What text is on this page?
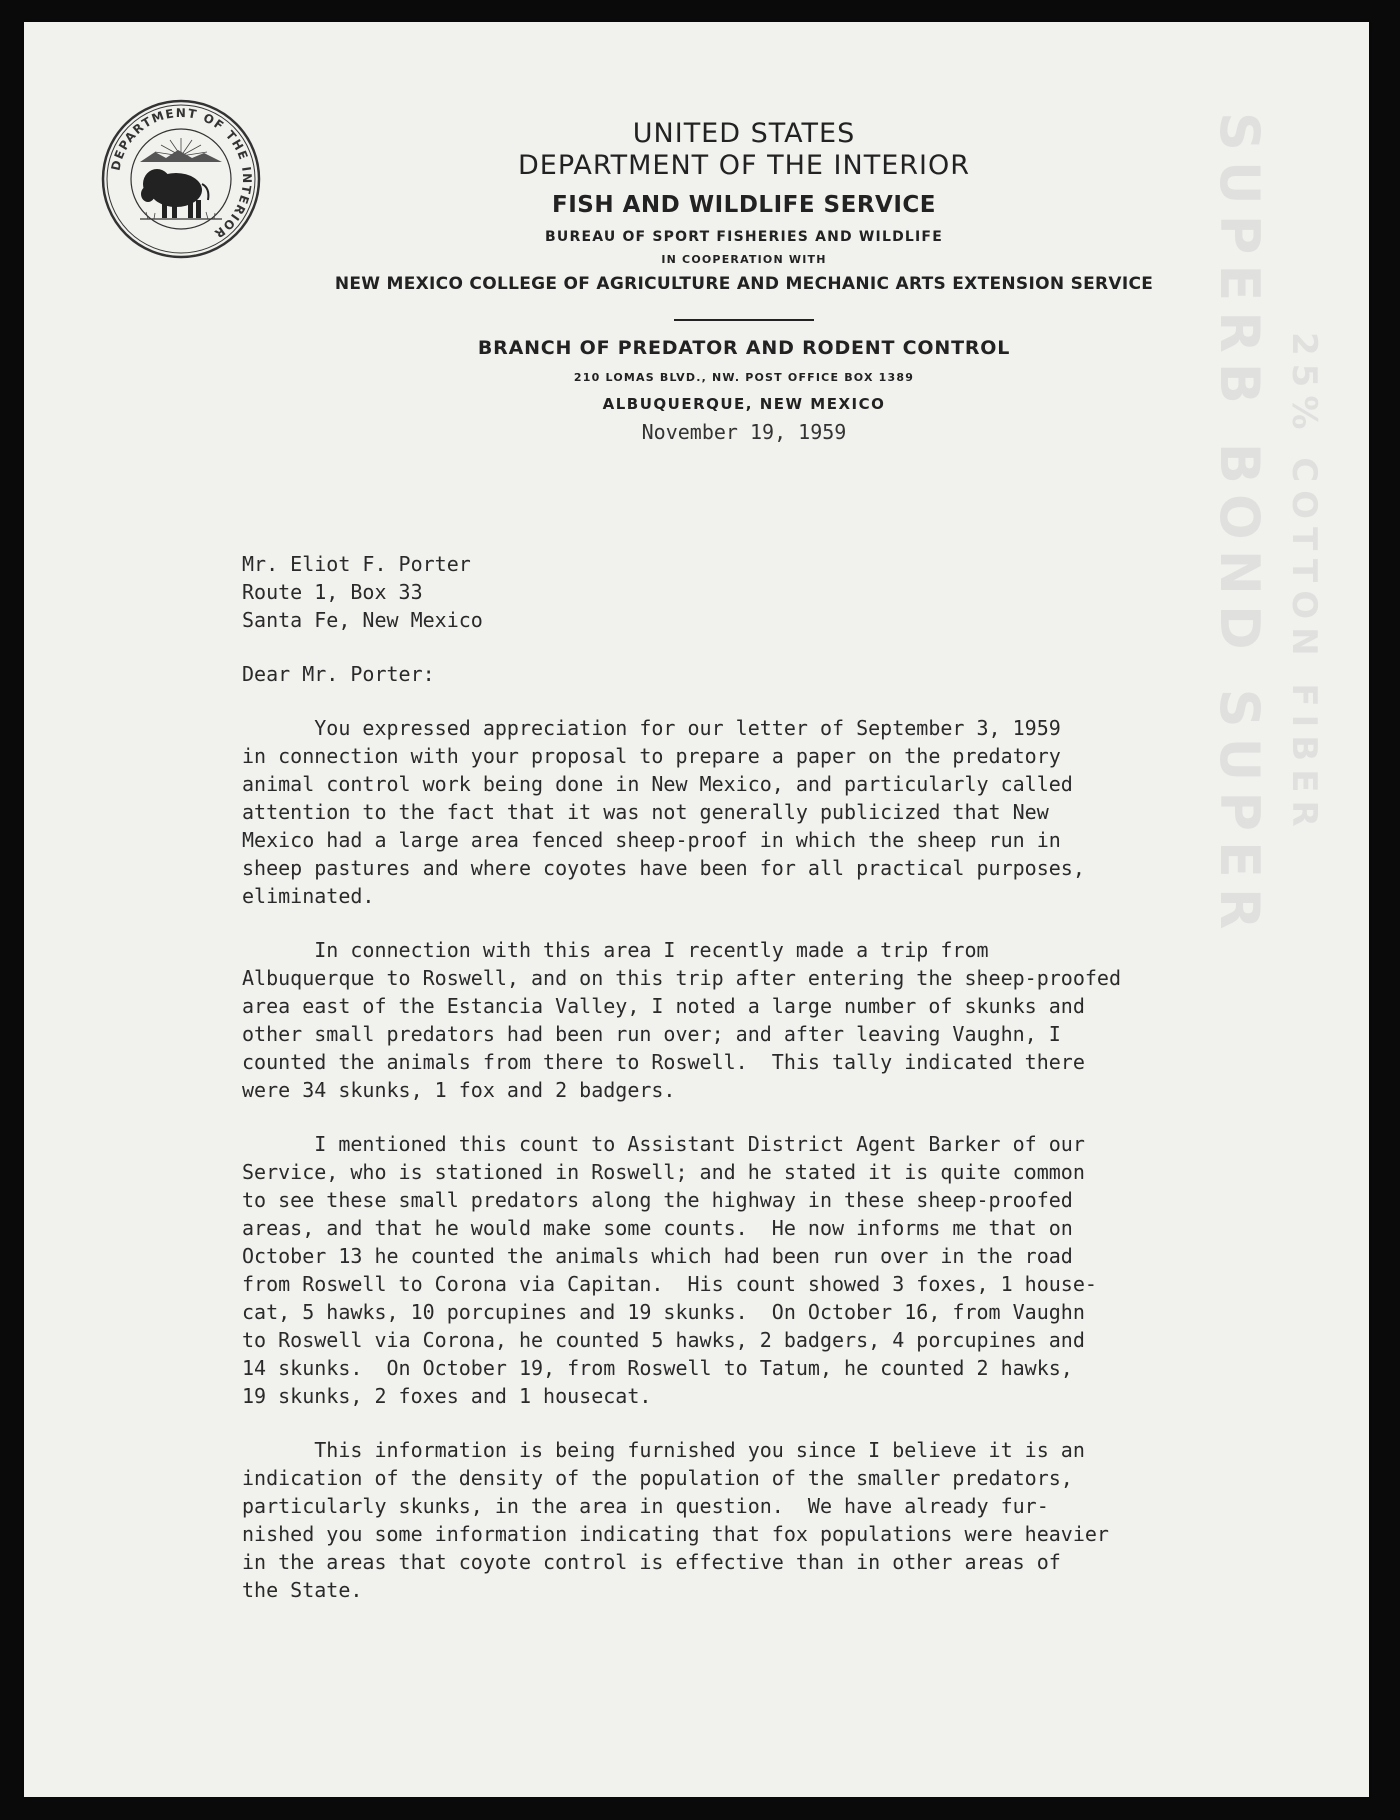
SUPERB BOND SUPER 25% COTTON FIBER
DEPARTMENT OF THE INTERIOR
UNITED STATES
DEPARTMENT OF THE INTERIOR
FISH AND WILDLIFE SERVICE
BUREAU OF SPORT FISHERIES AND WILDLIFE
IN COOPERATION WITH
NEW MEXICO COLLEGE OF AGRICULTURE AND MECHANIC ARTS EXTENSION SERVICE
BRANCH OF PREDATOR AND RODENT CONTROL
210 LOMAS BLVD., NW. POST OFFICE BOX 1389
ALBUQUERQUE, NEW MEXICO
November 19, 1959
Mr. Eliot F. Porter
Route 1, Box 33
Santa Fe, New Mexico
Dear Mr. Porter:
You expressed appreciation for our letter of September 3, 1959
in connection with your proposal to prepare a paper on the predatory
animal control work being done in New Mexico, and particularly called
attention to the fact that it was not generally publicized that New
Mexico had a large area fenced sheep-proof in which the sheep run in
sheep pastures and where coyotes have been for all practical purposes,
eliminated.
In connection with this area I recently made a trip from
Albuquerque to Roswell, and on this trip after entering the sheep-proofed
area east of the Estancia Valley, I noted a large number of skunks and
other small predators had been run over; and after leaving Vaughn, I
counted the animals from there to Roswell.  This tally indicated there
were 34 skunks, 1 fox and 2 badgers.
I mentioned this count to Assistant District Agent Barker of our
Service, who is stationed in Roswell; and he stated it is quite common
to see these small predators along the highway in these sheep-proofed
areas, and that he would make some counts.  He now informs me that on
October 13 he counted the animals which had been run over in the road
from Roswell to Corona via Capitan.  His count showed 3 foxes, 1 house-
cat, 5 hawks, 10 porcupines and 19 skunks.  On October 16, from Vaughn
to Roswell via Corona, he counted 5 hawks, 2 badgers, 4 porcupines and
14 skunks.  On October 19, from Roswell to Tatum, he counted 2 hawks,
19 skunks, 2 foxes and 1 housecat.
This information is being furnished you since I believe it is an
indication of the density of the population of the smaller predators,
particularly skunks, in the area in question.  We have already fur-
nished you some information indicating that fox populations were heavier
in the areas that coyote control is effective than in other areas of
the State.
